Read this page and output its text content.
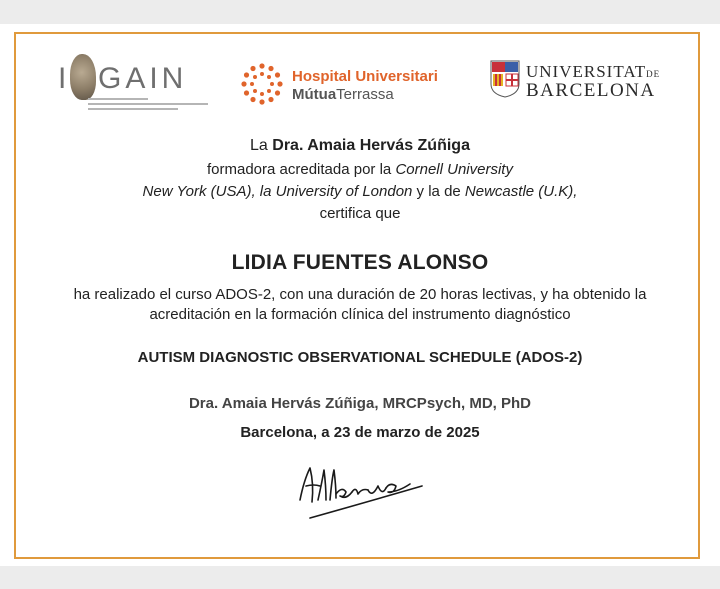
I GAIN	Hospital Universitari
MútuaTerrassa
UNIVERSITATDE
BARCELONA
La Dra. Amaia Hervás Zúñiga
formadora acreditada por la Cornell University
New York (USA), la University of London y la de Newcastle (U.K),
certifica que
LIDIA FUENTES ALONSO
ha realizado el curso ADOS-2, con una duración de 20 horas lectivas, y ha obtenido la
acreditación en la formación clínica del instrumento diagnóstico
AUTISM DIAGNOSTIC OBSERVATIONAL SCHEDULE (ADOS-2)
Dra. Amaia Hervás Zúñiga, MRCPsych, MD, PhD
Barcelona, a 23 de marzo de 2025
